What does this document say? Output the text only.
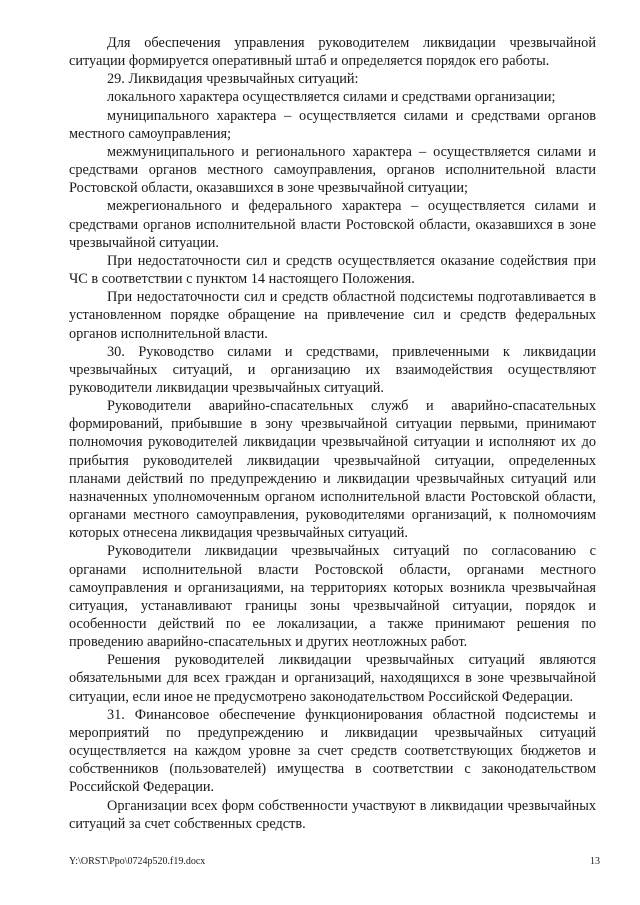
Для обеспечения управления руководителем ликвидации чрезвычайной ситуации формируется оперативный штаб и определяется порядок его работы.

29. Ликвидация чрезвычайных ситуаций:

локального характера осуществляется силами и средствами организации;

муниципального характера – осуществляется силами и средствами органов местного самоуправления;

межмуниципального и регионального характера – осуществляется силами и средствами органов местного самоуправления, органов исполнительной власти Ростовской области, оказавшихся в зоне чрезвычайной ситуации;

межрегионального и федерального характера – осуществляется силами и средствами органов исполнительной власти Ростовской области, оказавшихся в зоне чрезвычайной ситуации.

При недостаточности сил и средств осуществляется оказание содействия при ЧС в соответствии с пунктом 14 настоящего Положения.

При недостаточности сил и средств областной подсистемы подготавливается в установленном порядке обращение на привлечение сил и средств федеральных органов исполнительной власти.

30. Руководство силами и средствами, привлеченными к ликвидации чрезвычайных ситуаций, и организацию их взаимодействия осуществляют руководители ликвидации чрезвычайных ситуаций.

Руководители аварийно-спасательных служб и аварийно-спасательных формирований, прибывшие в зону чрезвычайной ситуации первыми, принимают полномочия руководителей ликвидации чрезвычайной ситуации и исполняют их до прибытия руководителей ликвидации чрезвычайной ситуации, определенных планами действий по предупреждению и ликвидации чрезвычайных ситуаций или назначенных уполномоченным органом исполнительной власти Ростовской области, органами местного самоуправления, руководителями организаций, к полномочиям которых отнесена ликвидация чрезвычайных ситуаций.

Руководители ликвидации чрезвычайных ситуаций по согласованию с органами исполнительной власти Ростовской области, органами местного самоуправления и организациями, на территориях которых возникла чрезвычайная ситуация, устанавливают границы зоны чрезвычайной ситуации, порядок и особенности действий по ее локализации, а также принимают решения по проведению аварийно-спасательных и других неотложных работ.

Решения руководителей ликвидации чрезвычайных ситуаций являются обязательными для всех граждан и организаций, находящихся в зоне чрезвычайной ситуации, если иное не предусмотрено законодательством Российской Федерации.

31. Финансовое обеспечение функционирования областной подсистемы и мероприятий по предупреждению и ликвидации чрезвычайных ситуаций осуществляется на каждом уровне за счет средств соответствующих бюджетов и собственников (пользователей) имущества в соответствии с законодательством Российской Федерации.

Организации всех форм собственности участвуют в ликвидации чрезвычайных ситуаций за счет собственных средств.

Y:\ORST\Ppo\0724p520.f19.docx	13
